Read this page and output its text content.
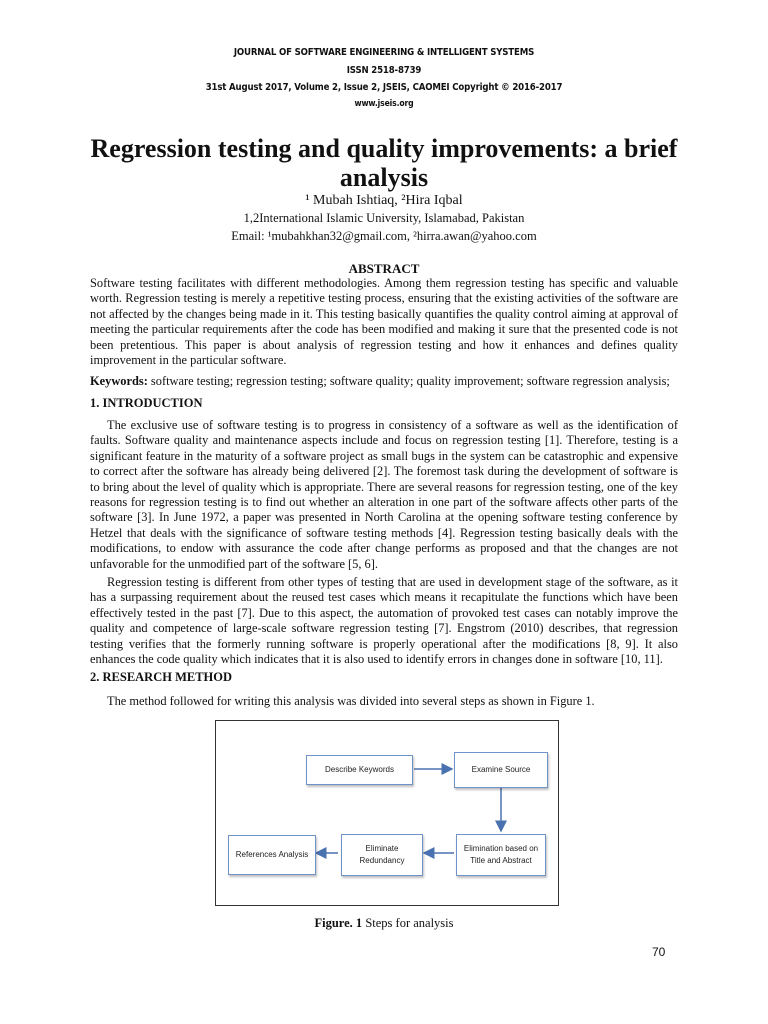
JOURNAL OF SOFTWARE ENGINEERING & INTELLIGENT SYSTEMS
ISSN 2518-8739
31st August 2017, Volume 2, Issue 2, JSEIS, CAOMEI Copyright © 2016-2017
www.jseis.org
Regression testing and quality improvements: a brief analysis
¹ Mubah Ishtiaq, ²Hira Iqbal
1,2International Islamic University, Islamabad, Pakistan
Email: ¹mubahkhan32@gmail.com, ²hirra.awan@yahoo.com
ABSTRACT
Software testing facilitates with different methodologies. Among them regression testing has specific and valuable worth. Regression testing is merely a repetitive testing process, ensuring that the existing activities of the software are not affected by the changes being made in it. This testing basically quantifies the quality control aiming at approval of meeting the particular requirements after the code has been modified and making it sure that the presented code is not been pretentious. This paper is about analysis of regression testing and how it enhances and defines quality improvement in the particular software.
Keywords: software testing; regression testing; software quality; quality improvement; software regression analysis;
1. INTRODUCTION
The exclusive use of software testing is to progress in consistency of a software as well as the identification of faults. Software quality and maintenance aspects include and focus on regression testing [1]. Therefore, testing is a significant feature in the maturity of a software project as small bugs in the system can be catastrophic and expensive to correct after the software has already being delivered [2]. The foremost task during the development of software is to bring about the level of quality which is appropriate. There are several reasons for regression testing, one of the key reasons for regression testing is to find out whether an alteration in one part of the software affects other parts of the software [3]. In June 1972, a paper was presented in North Carolina at the opening software testing conference by Hetzel that deals with the significance of software testing methods [4]. Regression testing basically deals with the modifications, to endow with assurance the code after change performs as proposed and that the changes are not unfavorable for the unmodified part of the software [5, 6].
Regression testing is different from other types of testing that are used in development stage of the software, as it has a surpassing requirement about the reused test cases which means it recapitulate the functions which have been effectively tested in the past [7]. Due to this aspect, the automation of provoked test cases can notably improve the quality and competence of large-scale software regression testing [7]. Engstrom (2010) describes, that regression testing verifies that the formerly running software is properly operational after the modifications [8, 9]. It also enhances the code quality which indicates that it is also used to identify errors in changes done in software [10, 11].
2. RESEARCH METHOD
The method followed for writing this analysis was divided into several steps as shown in Figure 1.
Describe Keywords	Examine Source
Elimination based on Title and Abstract
Eliminate Redundancy
References Analysis
Figure. 1 Steps for analysis
70
